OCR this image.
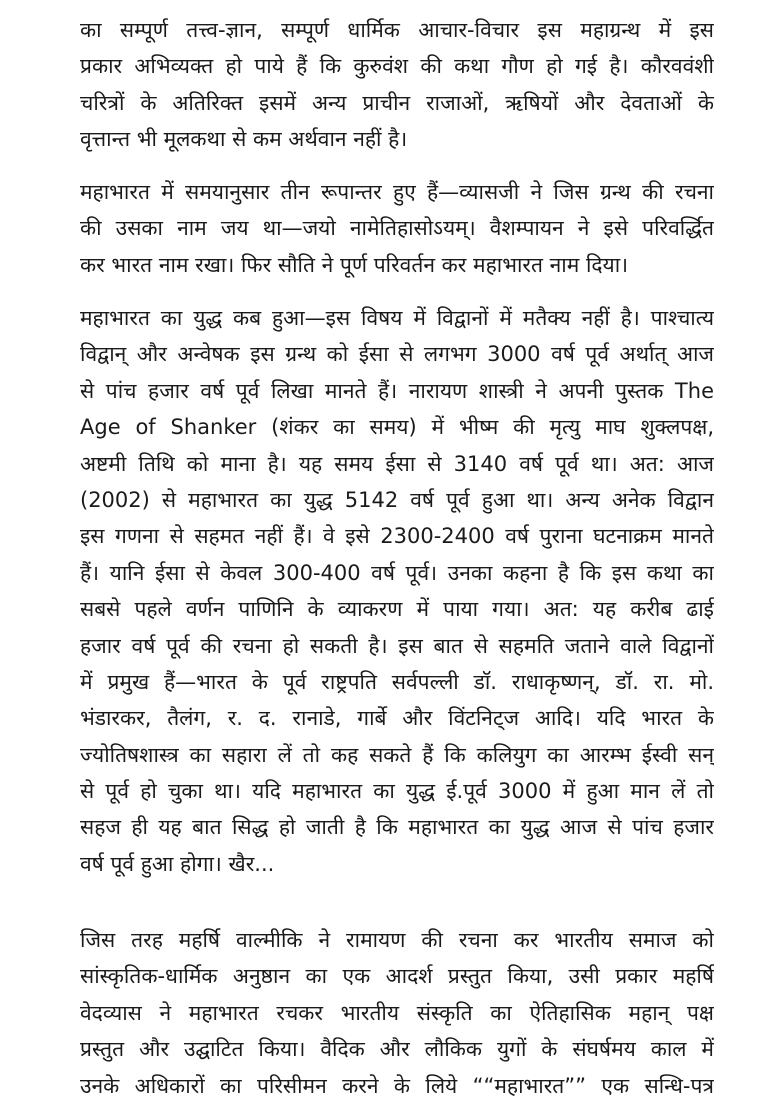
का सम्पूर्ण तत्त्व-ज्ञान, सम्पूर्ण धार्मिक आचार-विचार इस महाग्रन्थ में इस
प्रकार अभिव्यक्त हो पाये हैं कि कुरुवंश की कथा गौण हो गई है। कौरववंशी
चरित्रों के अतिरिक्त इसमें अन्य प्राचीन राजाओं, ऋषियों और देवताओं के
वृत्तान्त भी मूलकथा से कम अर्थवान नहीं है।
महाभारत में समयानुसार तीन रूपान्तर हुए हैं—व्यासजी ने जिस ग्रन्थ की रचना
की उसका नाम जय था—जयो नामेतिहासोऽयम्। वैशम्पायन ने इसे परिवर्द्धित
कर भारत नाम रखा। फिर सौति ने पूर्ण परिवर्तन कर महाभारत नाम दिया।
महाभारत का युद्ध कब हुआ—इस विषय में विद्वानों में मतैक्य नहीं है। पाश्चात्य
विद्वान् और अन्वेषक इस ग्रन्थ को ईसा से लगभग 3000 वर्ष पूर्व अर्थात् आज
से पांच हजार वर्ष पूर्व लिखा मानते हैं। नारायण शास्त्री ने अपनी पुस्तक The
Age of Shanker (शंकर का समय) में भीष्म की मृत्यु माघ शुक्लपक्ष,
अष्टमी तिथि को माना है। यह समय ईसा से 3140 वर्ष पूर्व था। अत: आज
(2002) से महाभारत का युद्ध 5142 वर्ष पूर्व हुआ था। अन्य अनेक विद्वान
इस गणना से सहमत नहीं हैं। वे इसे 2300-2400 वर्ष पुराना घटनाक्रम मानते
हैं। यानि ईसा से केवल 300-400 वर्ष पूर्व। उनका कहना है कि इस कथा का
सबसे पहले वर्णन पाणिनि के व्याकरण में पाया गया। अत: यह करीब ढाई
हजार वर्ष पूर्व की रचना हो सकती है। इस बात से सहमति जताने वाले विद्वानों
में प्रमुख हैं—भारत के पूर्व राष्ट्रपति सर्वपल्ली डॉ. राधाकृष्णन्, डॉ. रा. मो.
भंडारकर, तैलंग, र. द. रानाडे, गार्बे और विंटनिट्ज आदि। यदि भारत के
ज्योतिषशास्त्र का सहारा लें तो कह सकते हैं कि कलियुग का आरम्भ ईस्वी सन्
से पूर्व हो चुका था। यदि महाभारत का युद्ध ई.पूर्व 3000 में हुआ मान लें तो
सहज ही यह बात सिद्ध हो जाती है कि महाभारत का युद्ध आज से पांच हजार
वर्ष पूर्व हुआ होगा। खैर...
जिस तरह महर्षि वाल्मीकि ने रामायण की रचना कर भारतीय समाज को
सांस्कृतिक-धार्मिक अनुष्ठान का एक आदर्श प्रस्तुत किया, उसी प्रकार महर्षि
वेदव्यास ने महाभारत रचकर भारतीय संस्कृति का ऐतिहासिक महान् पक्ष
प्रस्तुत और उद्घाटित किया। वैदिक और लौकिक युगों के संघर्षमय काल में
उनके अधिकारों का परिसीमन करने के लिये ““महाभारत”” एक सन्धि-पत्र
